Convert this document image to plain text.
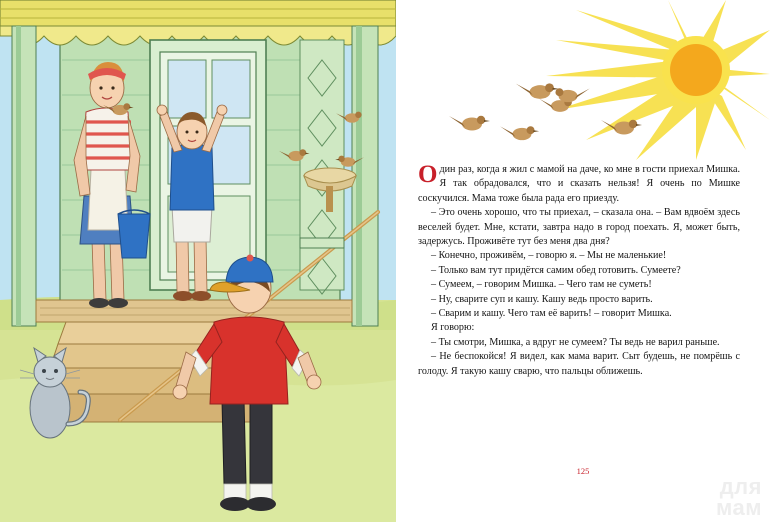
Один раз, когда я жил с мамой на даче, ко мне в гости приехал Мишка. Я так обрадовался, что и сказать нельзя! Я очень по Мишке соскучился. Мама тоже была рада его приезду.

– Это очень хорошо, что ты приехал, – сказала она. – Вам вдвоём здесь веселей будет. Мне, кстати, завтра надо в город поехать. Я, может быть, задержусь. Проживёте тут без меня два дня?

– Конечно, проживём, – говорю я. – Мы не маленькие!

– Только вам тут придётся самим обед готовить. Сумеете?

– Сумеем, – говорим Мишка. – Чего там не суметь!

– Ну, сварите суп и кашу. Кашу ведь просто варить.

– Сварим и кашу. Чего там её варить! – говорит Мишка.

Я говорю:

– Ты смотри, Мишка, а вдруг не сумеем? Ты ведь не варил раньше.

– Не беспокойся! Я видел, как мама варит. Сыт будешь, не помрёшь с голоду. Я такую кашу сварю, что пальцы оближешь.

125
для
мам
